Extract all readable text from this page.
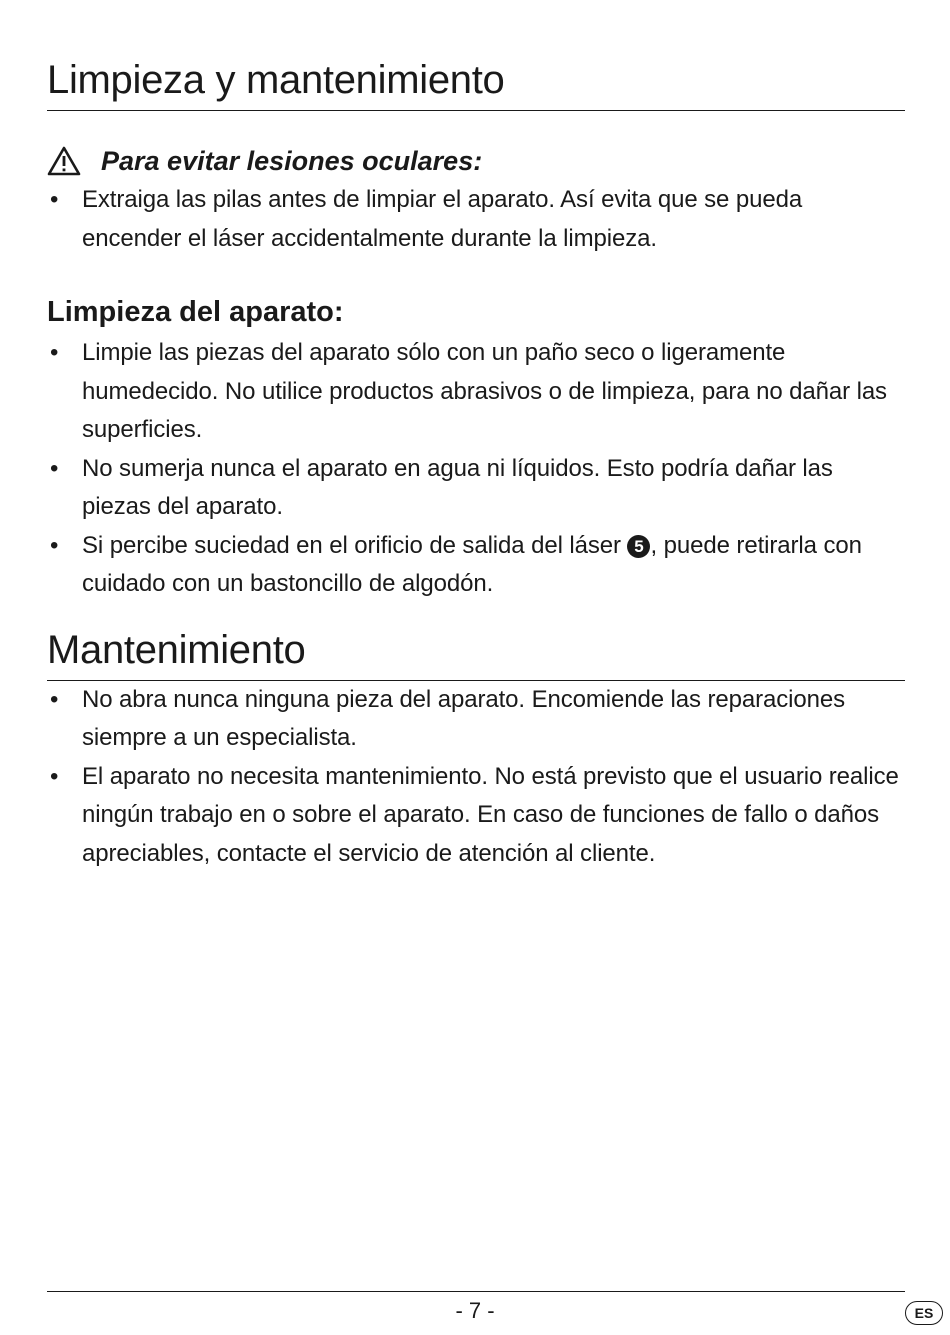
Limpieza y mantenimiento
Para evitar lesiones oculares:
• Extraiga las pilas antes de limpiar el aparato. Así evita que se pueda encender el láser accidentalmente durante la limpieza.
Limpieza del aparato:
• Limpie las piezas del aparato sólo con un paño seco o ligeramente humedecido. No utilice productos abrasivos o de limpieza, para no dañar las superficies.
• No sumerja nunca el aparato en agua ni líquidos. Esto podría dañar las piezas del aparato.
• Si percibe suciedad en el orificio de salida del láser 5 , puede retirarla con cuidado con un bastoncillo de algodón.
Mantenimiento
• No abra nunca ninguna pieza del aparato. Encomiende las reparaciones siempre a un especialista.
• El aparato no necesita mantenimiento. No está previsto que el usuario realice ningún trabajo en o sobre el aparato. En caso de funciones de fallo o daños apreciables, contacte el servicio de atención al cliente.
- 7 -	ES
